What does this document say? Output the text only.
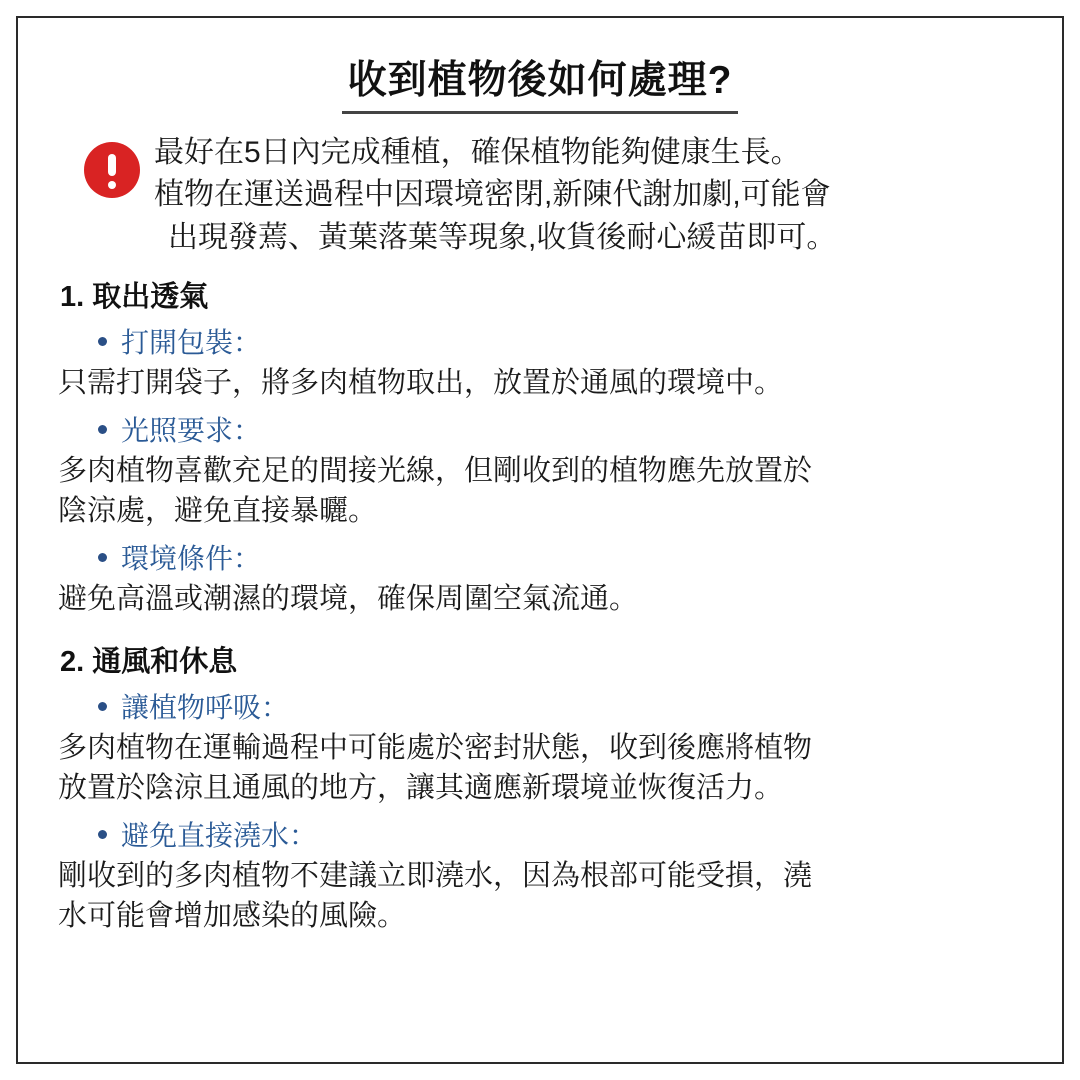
收到植物後如何處理?
最好在5日內完成種植，確保植物能夠健康生長。
植物在運送過程中因環境密閉,新陳代謝加劇,可能會
出現發蔫、黃葉落葉等現象,收貨後耐心緩苗即可。
1. 取出透氣
打開包裝：
只需打開袋子，將多肉植物取出，放置於通風的環境中。
光照要求：
多肉植物喜歡充足的間接光線，但剛收到的植物應先放置於
陰涼處，避免直接暴曬。
環境條件：
避免高溫或潮濕的環境，確保周圍空氣流通。
2. 通風和休息
讓植物呼吸：
多肉植物在運輸過程中可能處於密封狀態，收到後應將植物
放置於陰涼且通風的地方，讓其適應新環境並恢復活力。
避免直接澆水：
剛收到的多肉植物不建議立即澆水，因為根部可能受損，澆
水可能會增加感染的風險。
